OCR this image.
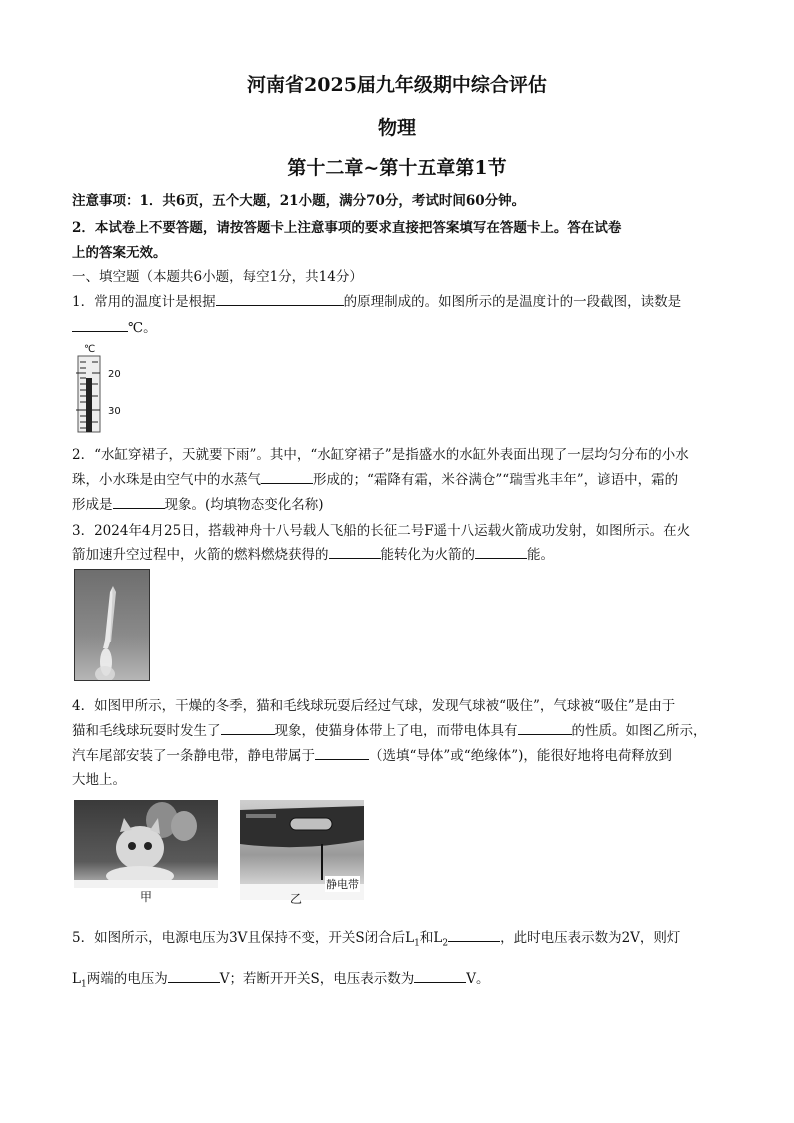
河南省2025届九年级期中综合评估
物理
第十二章~第十五章第1节
注意事项：1．共6页，五个大题，21小题，满分70分，考试时间60分钟。
2．本试卷上不要答题，请按答题卡上注意事项的要求直接把答案填写在答题卡上。答在试卷
上的答案无效。
一、填空题（本题共6小题，每空1分，共14分）
1．常用的温度计是根据	的原理制成的。如图所示的是温度计的一段截图，读数是
℃。
℃
20
30
2．“水缸穿裙子，天就要下雨”。其中，“水缸穿裙子”是指盛水的水缸外表面出现了一层均匀分布的小水
珠，小水珠是由空气中的水蒸气	形成的；“霜降有霜，米谷满仓”“瑞雪兆丰年”，谚语中，霜的
形成是	现象。(均填物态变化名称)
3．2024年4月25日，搭载神舟十八号载人飞船的长征二号F遥十八运载火箭成功发射，如图所示。在火
箭加速升空过程中，火箭的燃料燃烧获得的	能转化为火箭的	能。
4．如图甲所示，干燥的冬季，猫和毛线球玩耍后经过气球，发现气球被“吸住”，气球被“吸住”是由于
猫和毛线球玩耍时发生了	现象，使猫身体带上了电，而带电体具有	的性质。如图乙所示，
汽车尾部安装了一条静电带，静电带属于	（选填“导体”或“绝缘体”)，能很好地将电荷释放到
大地上。
甲	乙
静电带
5．如图所示，电源电压为3V且保持不变，开关S闭合后$L_1$和$L_2$	，此时电压表示数为2V，则灯
$L_1$两端的电压为	V；若断开开关S，电压表示数为	V。
